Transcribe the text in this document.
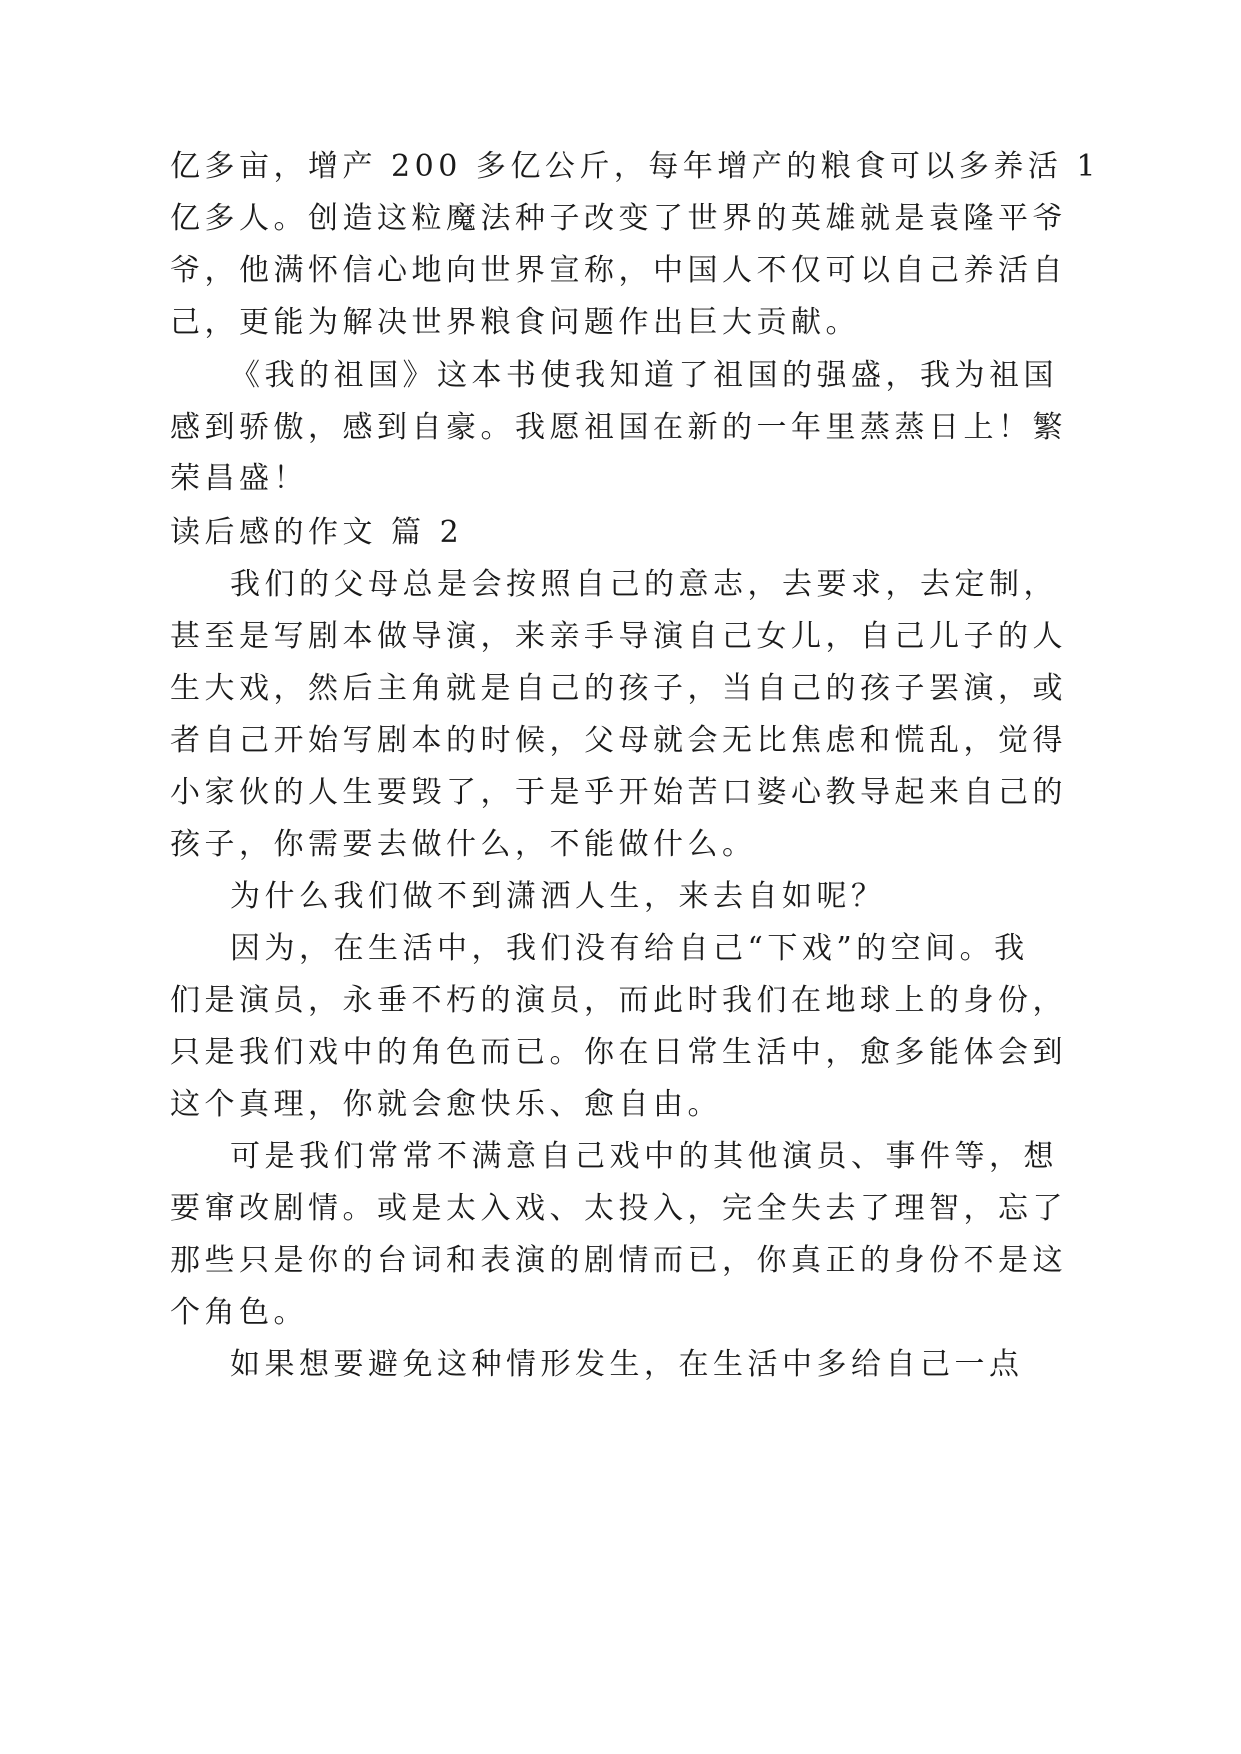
亿多亩，增产 200 多亿公斤，每年增产的粮食可以多养活 1
亿多人。创造这粒魔法种子改变了世界的英雄就是袁隆平爷
爷，他满怀信心地向世界宣称，中国人不仅可以自己养活自
己，更能为解决世界粮食问题作出巨大贡献。
《我的祖国》这本书使我知道了祖国的强盛，我为祖国
感到骄傲，感到自豪。我愿祖国在新的一年里蒸蒸日上！繁
荣昌盛！
读后感的作文 篇 2
我们的父母总是会按照自己的意志，去要求，去定制，
甚至是写剧本做导演，来亲手导演自己女儿，自己儿子的人
生大戏，然后主角就是自己的孩子，当自己的孩子罢演，或
者自己开始写剧本的时候，父母就会无比焦虑和慌乱，觉得
小家伙的人生要毁了，于是乎开始苦口婆心教导起来自己的
孩子，你需要去做什么，不能做什么。
为什么我们做不到潇洒人生，来去自如呢？
因为，在生活中，我们没有给自己“下戏”的空间。我
们是演员，永垂不朽的演员，而此时我们在地球上的身份，
只是我们戏中的角色而已。你在日常生活中，愈多能体会到
这个真理，你就会愈快乐、愈自由。
可是我们常常不满意自己戏中的其他演员、事件等，想
要窜改剧情。或是太入戏、太投入，完全失去了理智，忘了
那些只是你的台词和表演的剧情而已，你真正的身份不是这
个角色。
如果想要避免这种情形发生，在生活中多给自己一点
